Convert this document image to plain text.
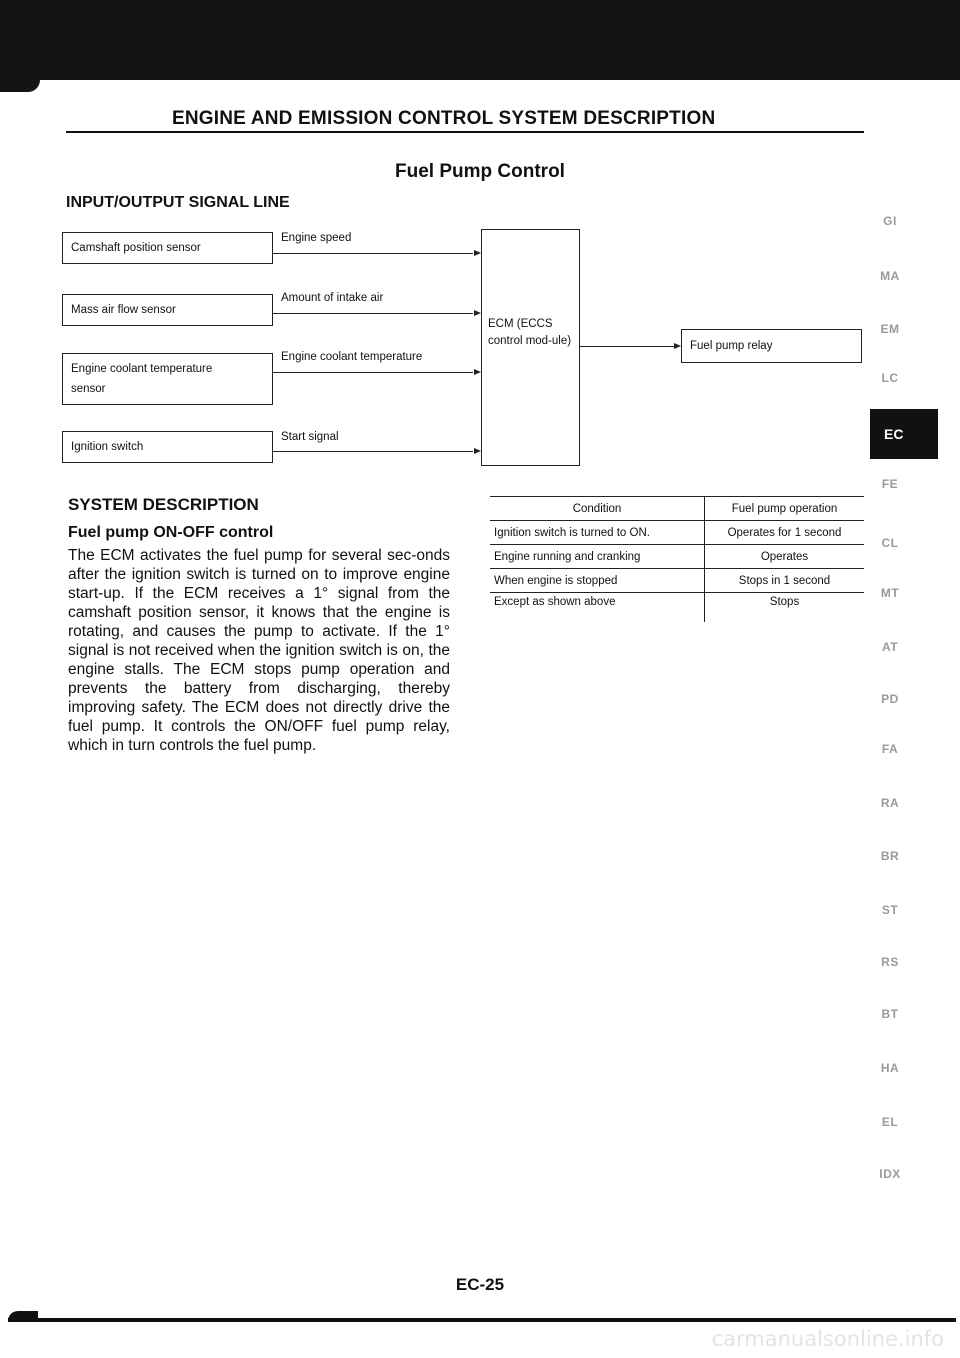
ENGINE AND EMISSION CONTROL SYSTEM DESCRIPTION
Fuel Pump Control
INPUT/OUTPUT SIGNAL LINE
Camshaft position sensor
Mass air flow sensor
Engine coolant temperature sensor
Ignition switch
Engine speed
Amount of intake air
Engine coolant temperature
Start signal
ECM (ECCS control mod-ule)	Fuel pump relay
SYSTEM DESCRIPTION
Fuel pump ON-OFF control
The ECM activates the fuel pump for several sec-onds after the ignition switch is turned on to improve engine start-up. If the ECM receives a 1° signal from the camshaft position sensor, it knows that the engine is rotating, and causes the pump to activate. If the 1° signal is not received when the ignition switch is on, the engine stalls. The ECM stops pump operation and prevents the battery from discharging, thereby improving safety. The ECM does not directly drive the fuel pump. It controls the ON/OFF fuel pump relay, which in turn controls the fuel pump.
Condition	Fuel pump operation
Ignition switch is turned to ON.	Operates for 1 second
Engine running and cranking	Operates
When engine is stopped	Stops in 1 second
Except as shown above	Stops
GI
MA
EM
LC
EC
FE
CL
MT
AT
PD
FA
RA
BR
ST
RS
BT
HA
EL
IDX
EC-25
carmanualsonline.info
